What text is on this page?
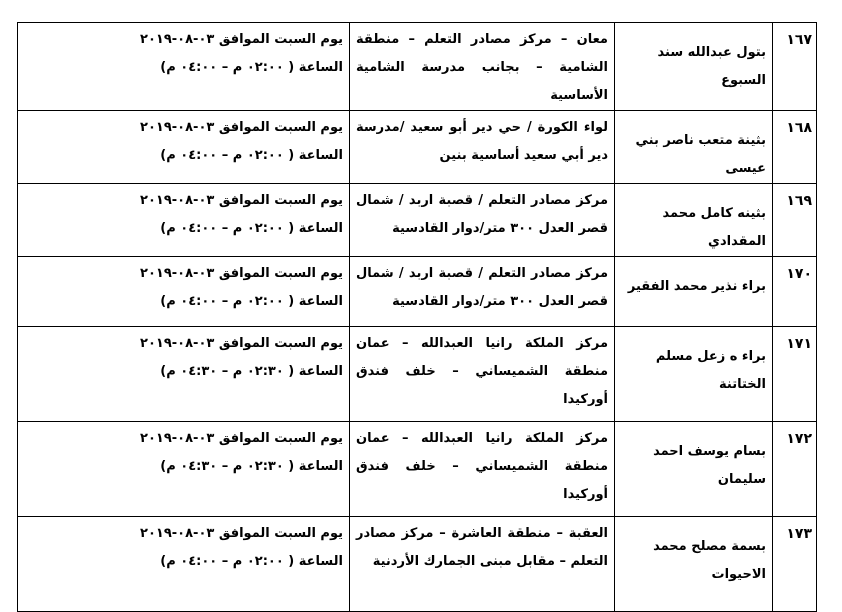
١٦٧	بتول عبدالله سند السبوع	معان – مركز مصادر التعلم – منطقة الشامية – بجانب مدرسة الشامية الأساسية	يوم السبت الموافق ٠٣-٠٨-٢٠١٩
الساعة ( ٠٢:٠٠ م – ٠٤:٠٠ م)

١٦٨	بثينة متعب ناصر بني عيسى	لواء الكورة / حي دير أبو سعيد /مدرسة دير أبي سعيد أساسية بنين	يوم السبت الموافق ٠٣-٠٨-٢٠١٩
الساعة ( ٠٢:٠٠ م – ٠٤:٠٠ م)

١٦٩	بثينه كامل محمد المقدادي	مركز مصادر التعلم / قصبة اربد / شمال قصر العدل ٣٠٠ متر/دوار القادسية	يوم السبت الموافق ٠٣-٠٨-٢٠١٩
الساعة ( ٠٢:٠٠ م – ٠٤:٠٠ م)

١٧٠	براء نذير محمد الفقير	مركز مصادر التعلم / قصبة اربد / شمال قصر العدل ٣٠٠ متر/دوار القادسية	يوم السبت الموافق ٠٣-٠٨-٢٠١٩
الساعة ( ٠٢:٠٠ م – ٠٤:٠٠ م)

١٧١	براء ه زعل مسلم الختاتنة	مركز الملكة رانيا العبدالله – عمان منطقة الشميساني – خلف فندق أوركيدا	يوم السبت الموافق ٠٣-٠٨-٢٠١٩
الساعة ( ٠٢:٣٠ م – ٠٤:٣٠ م)

١٧٢	بسام يوسف احمد سليمان	مركز الملكة رانيا العبدالله – عمان منطقة الشميساني – خلف فندق أوركيدا	يوم السبت الموافق ٠٣-٠٨-٢٠١٩
الساعة ( ٠٢:٣٠ م – ٠٤:٣٠ م)

١٧٣	بسمة مصلح محمد الاحيوات	العقبة – منطقة العاشرة – مركز مصادر التعلم – مقابل مبنى الجمارك الأردنية	يوم السبت الموافق ٠٣-٠٨-٢٠١٩
الساعة ( ٠٢:٠٠ م – ٠٤:٠٠ م)
